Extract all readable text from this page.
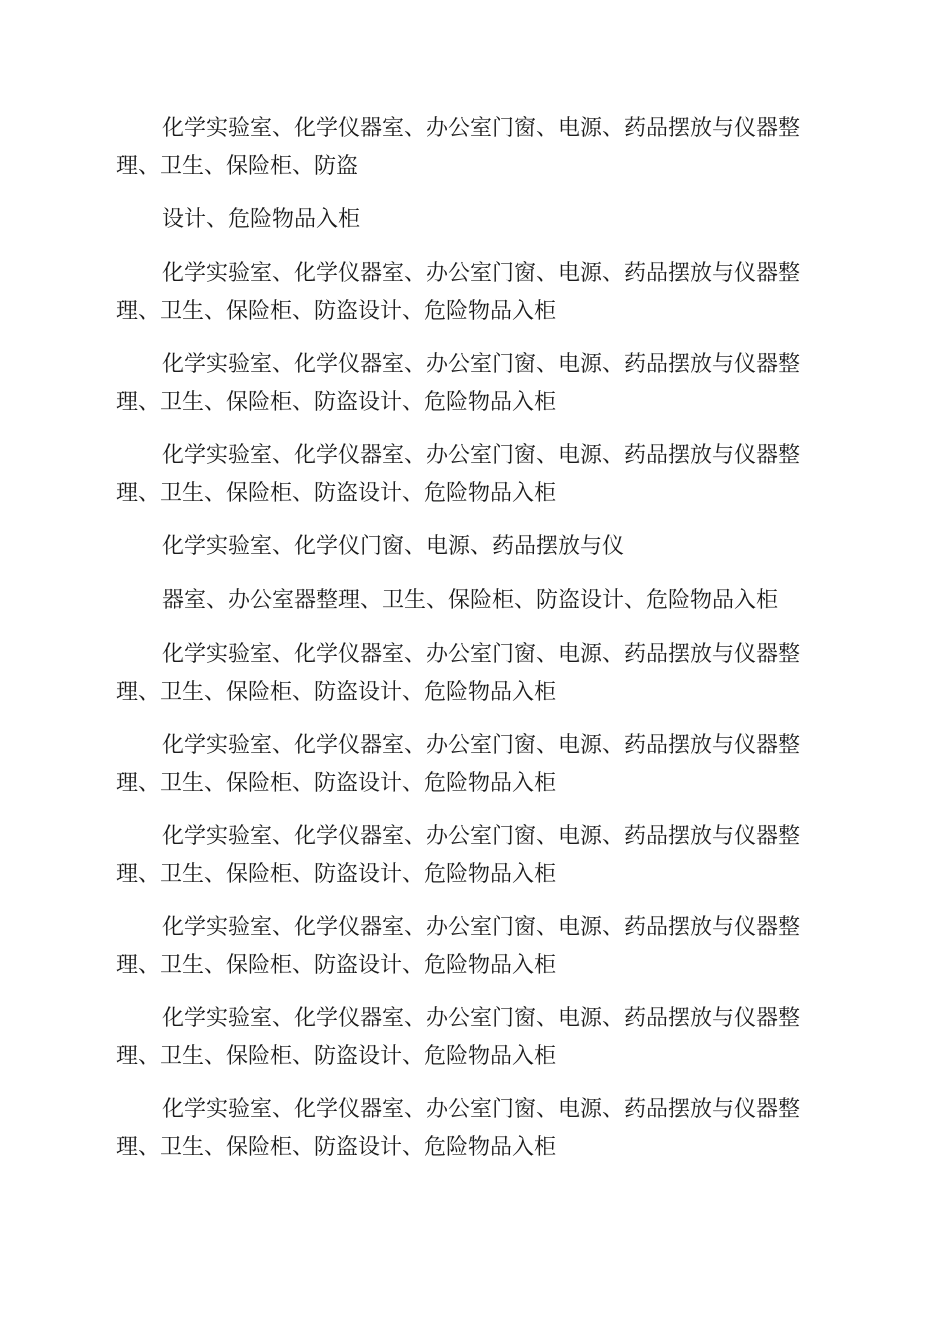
化学实验室、化学仪器室、办公室门窗、电源、药品摆放与仪器整理、卫生、保险柜、防盗

设计、危险物品入柜

化学实验室、化学仪器室、办公室门窗、电源、药品摆放与仪器整理、卫生、保险柜、防盗设计、危险物品入柜

化学实验室、化学仪器室、办公室门窗、电源、药品摆放与仪器整理、卫生、保险柜、防盗设计、危险物品入柜

化学实验室、化学仪器室、办公室门窗、电源、药品摆放与仪器整理、卫生、保险柜、防盗设计、危险物品入柜

化学实验室、化学仪门窗、电源、药品摆放与仪

器室、办公室器整理、卫生、保险柜、防盗设计、危险物品入柜

化学实验室、化学仪器室、办公室门窗、电源、药品摆放与仪器整理、卫生、保险柜、防盗设计、危险物品入柜

化学实验室、化学仪器室、办公室门窗、电源、药品摆放与仪器整理、卫生、保险柜、防盗设计、危险物品入柜

化学实验室、化学仪器室、办公室门窗、电源、药品摆放与仪器整理、卫生、保险柜、防盗设计、危险物品入柜

化学实验室、化学仪器室、办公室门窗、电源、药品摆放与仪器整理、卫生、保险柜、防盗设计、危险物品入柜

化学实验室、化学仪器室、办公室门窗、电源、药品摆放与仪器整理、卫生、保险柜、防盗设计、危险物品入柜

化学实验室、化学仪器室、办公室门窗、电源、药品摆放与仪器整理、卫生、保险柜、防盗设计、危险物品入柜
